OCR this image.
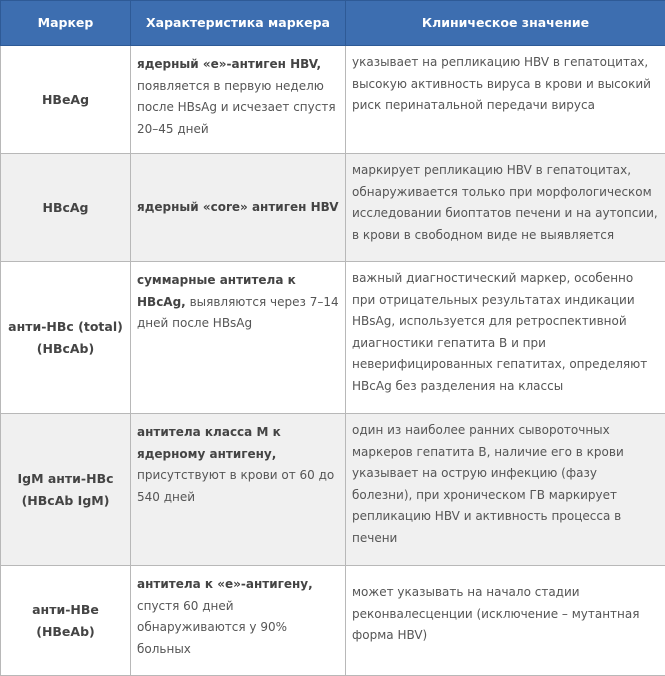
Маркер	Характеристика маркера	Клиническое значение
HBeAg	ядерный «е»-антиген HBV, появляется в первую неделю после HBsAg и исчезает спустя 20–45 дней	указывает на репликацию HBV в гепатоцитах, высокую активность вируса в крови и высокий риск перинатальной передачи вируса
HBcAg	ядерный «core» антиген HBV	маркирует репликацию HBV в гепатоцитах, обнаруживается только при морфологическом исследовании биоптатов печени и на аутопсии, в крови в свободном виде не выявляется
анти-HBc (total) (HBcAb)	суммарные антитела к HBcAg, выявляются через 7–14 дней после HBsAg	важный диагностический маркер, особенно при отрицательных результатах индикации HBsAg, используется для ретроспективной диагностики гепатита В и при неверифицированных гепатитах, определяют HBcAg без разделения на классы
IgM анти-HBc (HBcAb IgM)	антитела класса М к ядерному антигену, присутствуют в крови от 60 до 540 дней	один из наиболее ранних сывороточных маркеров гепатита В, наличие его в крови указывает на острую инфекцию (фазу болезни), при хроническом ГВ маркирует репликацию HBV и активность процесса в печени
анти-HBe (HBeAb)	антитела к «е»-антигену, спустя 60 дней обнаруживаются у 90% больных	может указывать на начало стадии реконвалесценции (исключение – мутантная форма HBV)
